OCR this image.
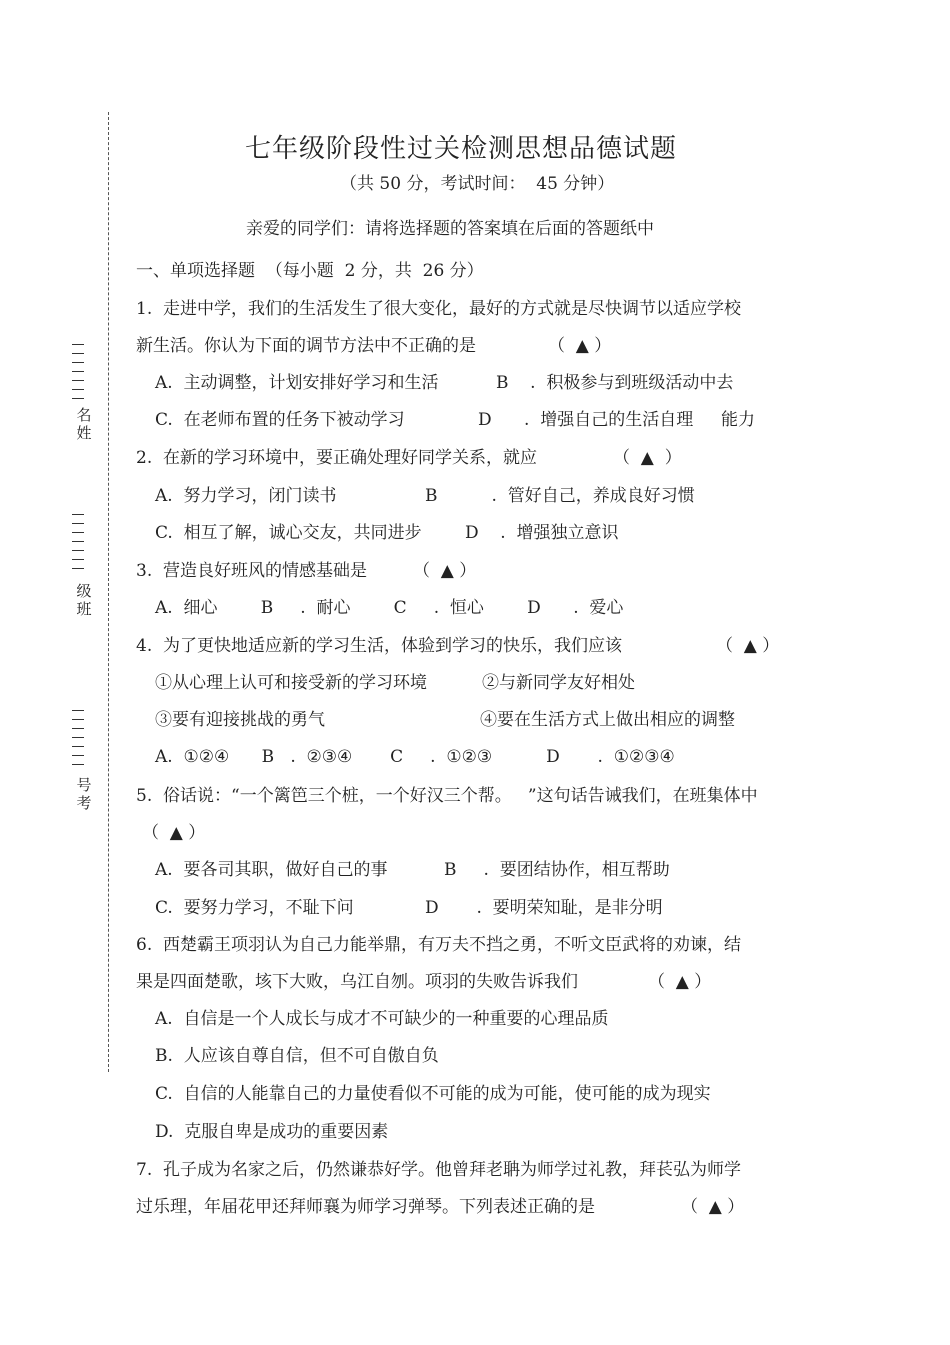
名
姓
级
班
号
考
七年级阶段性过关检测思想品德试题
（共 50 分，考试时间：  45 分钟）
亲爱的同学们：请将选择题的答案填在后面的答题纸中
一、单项选择题  （每小题  2 分，共  26 分）
1.  走进中学，我们的生活发生了很大变化，最好的方式就是尽快调节以适应学校
新生活。你认为下面的调节方法中不正确的是	（  ▲ ）
A.  主动调整，计划安排好学习和生活	B    .  积极参与到班级活动中去
C.  在老师布置的任务下被动学习	D      .  增强自己的生活自理 能力
2.  在新的学习环境中，要正确处理好同学关系，就应	（  ▲  ）
A.  努力学习，闭门读书	B          .  管好自己，养成良好习惯
C.  相互了解，诚心交友，共同进步	D    .  增强独立意识
3.  营造良好班风的情感基础是	（  ▲ ）
A.  细心        B     .  耐心        C     .  恒心        D      .  爱心
4.  为了更快地适应新的学习生活，体验到学习的快乐，我们应该	（  ▲ ）
①从心理上认可和接受新的学习环境	②与新同学友好相处
③要有迎接挑战的勇气	④要在生活方式上做出相应的调整
A.  ①②④      B   .  ②③④       C     .  ①②③          D       .  ①②③④
5.  俗话说：“一个篱笆三个桩，一个好汉三个帮。   ”这句话告诫我们，在班集体中
（  ▲ ）
A.  要各司其职，做好自己的事	B     .  要团结协作，相互帮助
C.  要努力学习，不耻下问	D       .  要明荣知耻，是非分明
6.  西楚霸王项羽认为自己力能举鼎，有万夫不挡之勇，不听文臣武将的劝谏，结
果是四面楚歌，垓下大败，乌江自刎。项羽的失败告诉我们	（  ▲ ）
A.  自信是一个人成长与成才不可缺少的一种重要的心理品质
B.  人应该自尊自信，但不可自傲自负
C.  自信的人能靠自己的力量使看似不可能的成为可能，使可能的成为现实
D.  克服自卑是成功的重要因素
7.  孔子成为名家之后，仍然谦恭好学。他曾拜老聃为师学过礼教，拜苌弘为师学
过乐理，年届花甲还拜师襄为师学习弹琴。下列表述正确的是	（  ▲ ）
